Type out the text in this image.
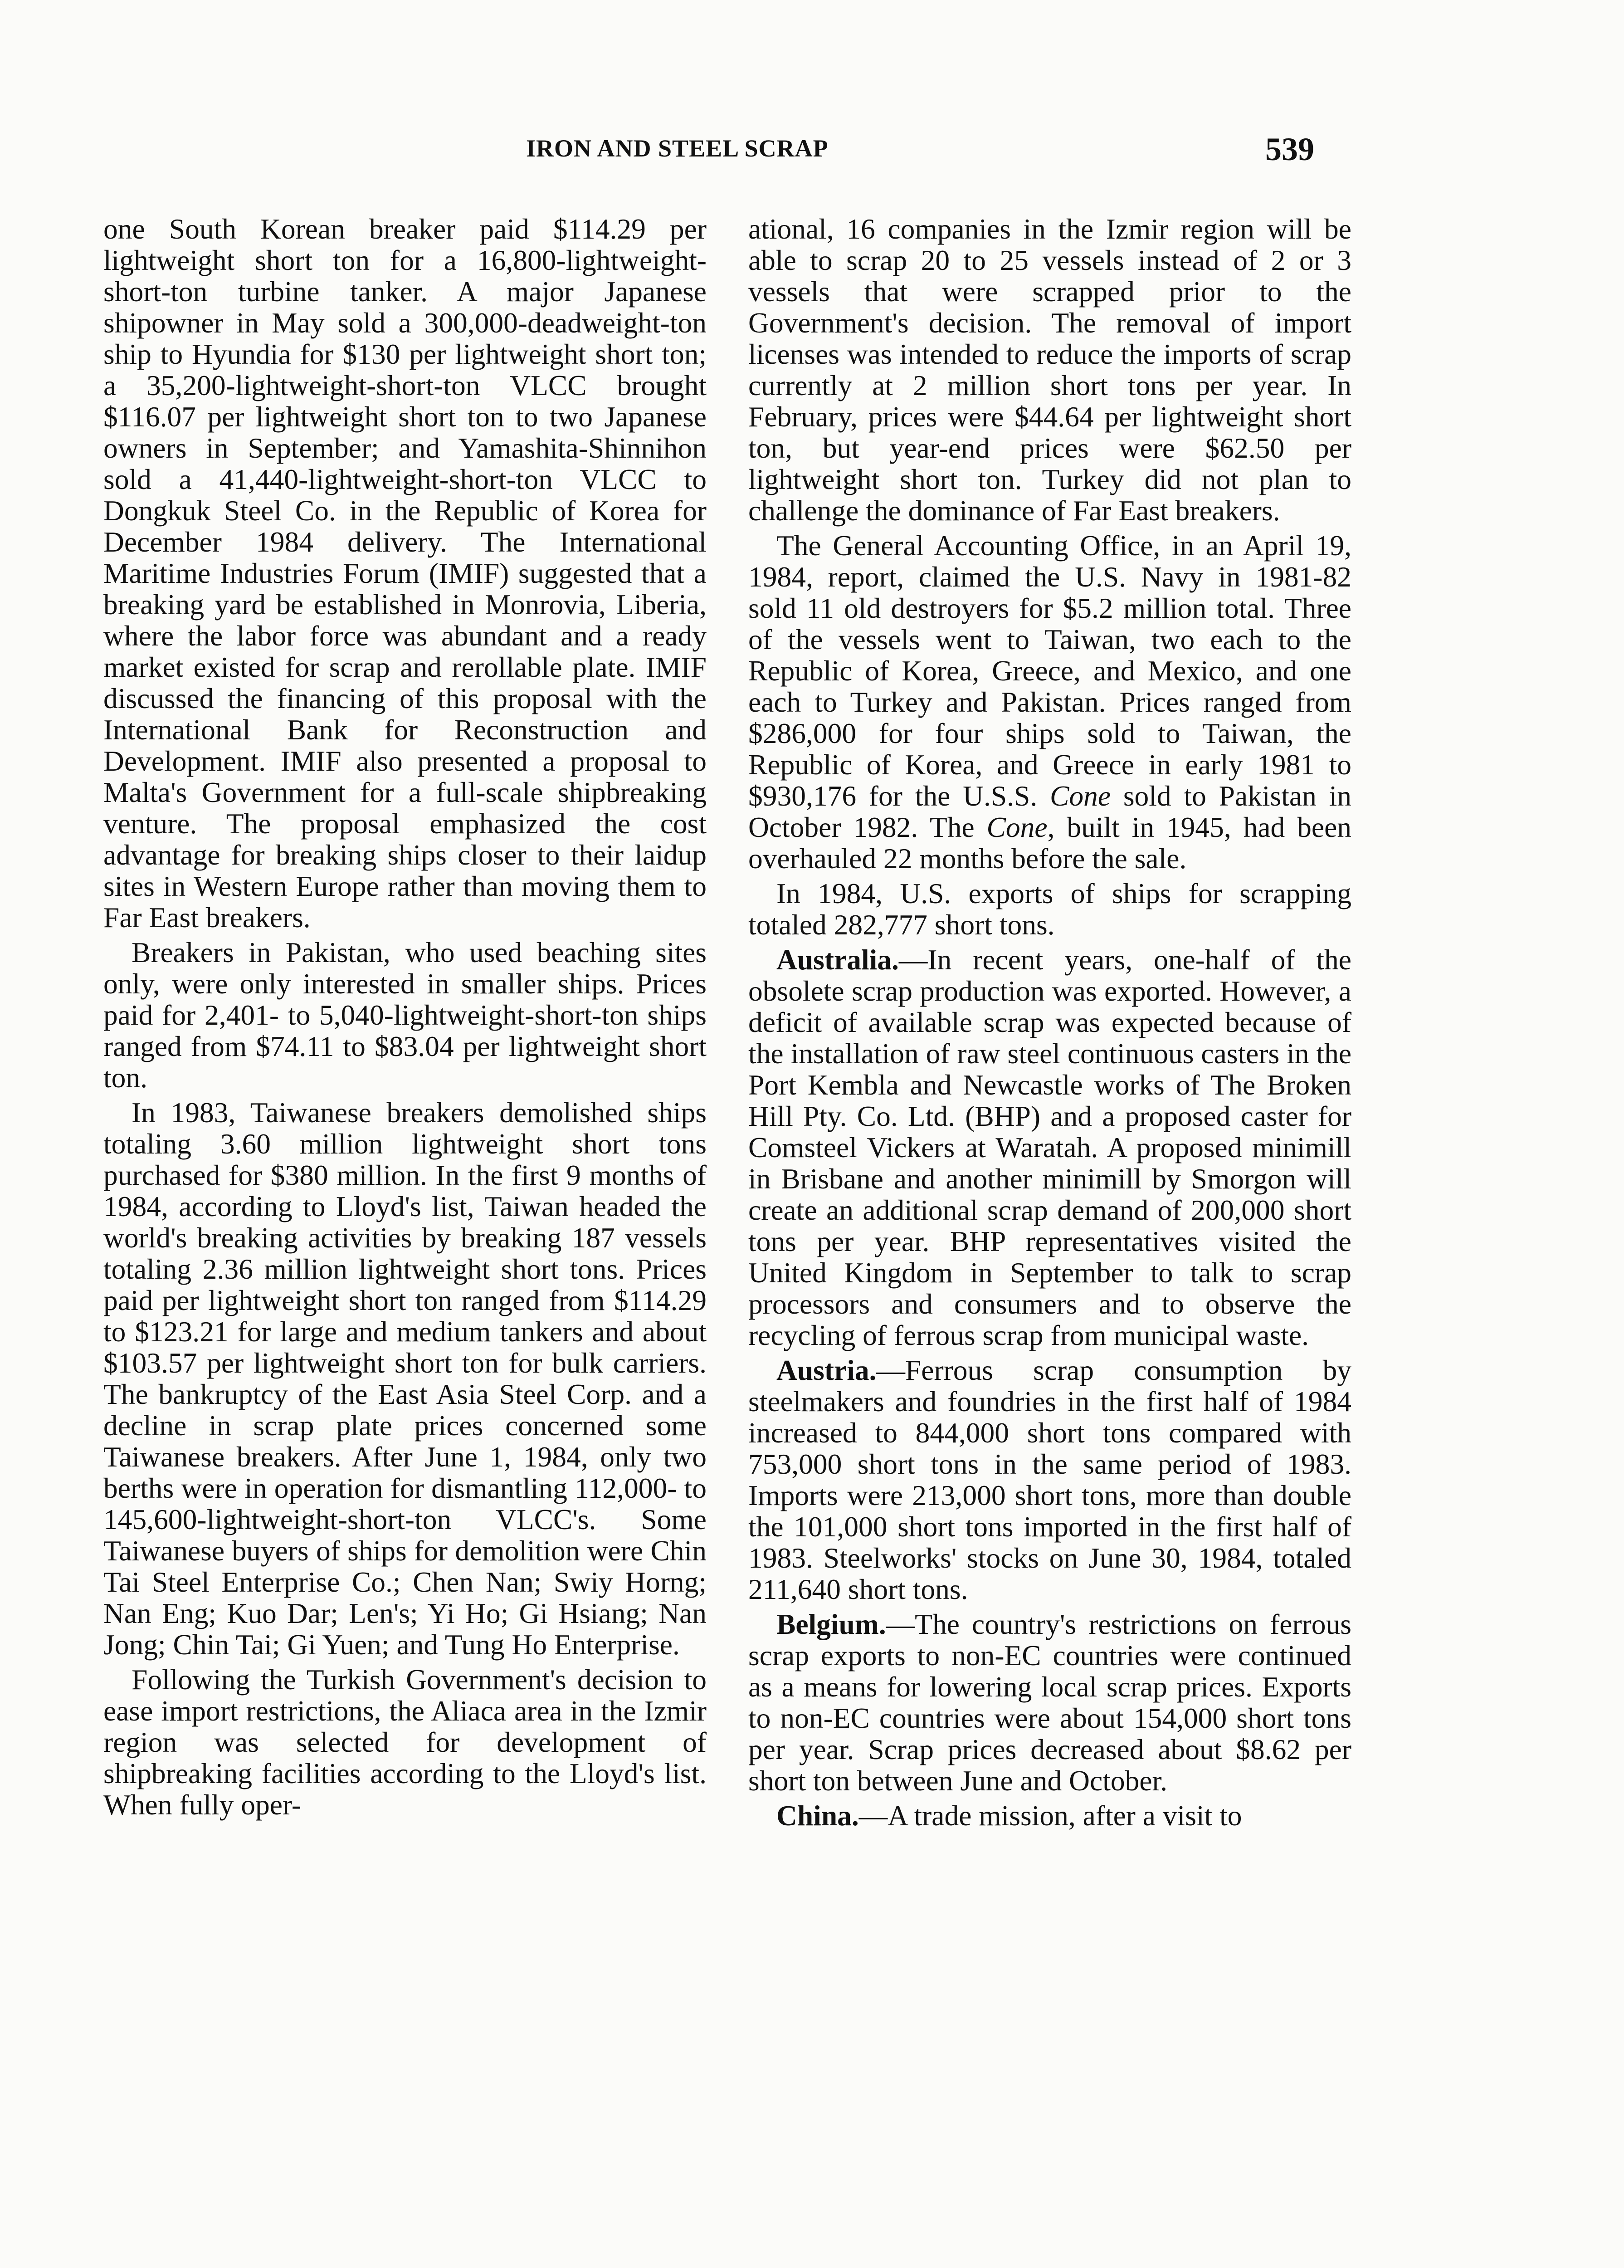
IRON AND STEEL SCRAP	539

one South Korean breaker paid $114.29 per lightweight short ton for a 16,800-lightweight-short-ton turbine tanker. A major Japanese shipowner in May sold a 300,000-deadweight-ton ship to Hyundia for $130 per lightweight short ton; a 35,200-lightweight-short-ton VLCC brought $116.07 per lightweight short ton to two Japanese owners in September; and Yamashita-Shinnihon sold a 41,440-lightweight-short-ton VLCC to Dongkuk Steel Co. in the Republic of Korea for December 1984 delivery. The International Maritime Industries Forum (IMIF) suggested that a breaking yard be established in Monrovia, Liberia, where the labor force was abundant and a ready market existed for scrap and rerollable plate. IMIF discussed the financing of this proposal with the International Bank for Reconstruction and Development. IMIF also presented a proposal to Malta's Government for a full-scale shipbreaking venture. The proposal emphasized the cost advantage for breaking ships closer to their laidup sites in Western Europe rather than moving them to Far East breakers.

Breakers in Pakistan, who used beaching sites only, were only interested in smaller ships. Prices paid for 2,401- to 5,040-lightweight-short-ton ships ranged from $74.11 to $83.04 per lightweight short ton.

In 1983, Taiwanese breakers demolished ships totaling 3.60 million lightweight short tons purchased for $380 million. In the first 9 months of 1984, according to Lloyd's list, Taiwan headed the world's breaking activities by breaking 187 vessels totaling 2.36 million lightweight short tons. Prices paid per lightweight short ton ranged from $114.29 to $123.21 for large and medium tankers and about $103.57 per lightweight short ton for bulk carriers. The bankruptcy of the East Asia Steel Corp. and a decline in scrap plate prices concerned some Taiwanese breakers. After June 1, 1984, only two berths were in operation for dismantling 112,000- to 145,600-lightweight-short-ton VLCC's. Some Taiwanese buyers of ships for demolition were Chin Tai Steel Enterprise Co.; Chen Nan; Swiy Horng; Nan Eng; Kuo Dar; Len's; Yi Ho; Gi Hsiang; Nan Jong; Chin Tai; Gi Yuen; and Tung Ho Enterprise.

Following the Turkish Government's decision to ease import restrictions, the Aliaca area in the Izmir region was selected for development of shipbreaking facilities according to the Lloyd's list. When fully oper-

ational, 16 companies in the Izmir region will be able to scrap 20 to 25 vessels instead of 2 or 3 vessels that were scrapped prior to the Government's decision. The removal of import licenses was intended to reduce the imports of scrap currently at 2 million short tons per year. In February, prices were $44.64 per lightweight short ton, but year-end prices were $62.50 per lightweight short ton. Turkey did not plan to challenge the dominance of Far East breakers.

The General Accounting Office, in an April 19, 1984, report, claimed the U.S. Navy in 1981-82 sold 11 old destroyers for $5.2 million total. Three of the vessels went to Taiwan, two each to the Republic of Korea, Greece, and Mexico, and one each to Turkey and Pakistan. Prices ranged from $286,000 for four ships sold to Taiwan, the Republic of Korea, and Greece in early 1981 to $930,176 for the U.S.S. Cone sold to Pakistan in October 1982. The Cone, built in 1945, had been overhauled 22 months before the sale.

In 1984, U.S. exports of ships for scrapping totaled 282,777 short tons.

Australia.—In recent years, one-half of the obsolete scrap production was exported. However, a deficit of available scrap was expected because of the installation of raw steel continuous casters in the Port Kembla and Newcastle works of The Broken Hill Pty. Co. Ltd. (BHP) and a proposed caster for Comsteel Vickers at Waratah. A proposed minimill in Brisbane and another minimill by Smorgon will create an additional scrap demand of 200,000 short tons per year. BHP representatives visited the United Kingdom in September to talk to scrap processors and consumers and to observe the recycling of ferrous scrap from municipal waste.

Austria.—Ferrous scrap consumption by steelmakers and foundries in the first half of 1984 increased to 844,000 short tons compared with 753,000 short tons in the same period of 1983. Imports were 213,000 short tons, more than double the 101,000 short tons imported in the first half of 1983. Steelworks' stocks on June 30, 1984, totaled 211,640 short tons.

Belgium.—The country's restrictions on ferrous scrap exports to non-EC countries were continued as a means for lowering local scrap prices. Exports to non-EC countries were about 154,000 short tons per year. Scrap prices decreased about $8.62 per short ton between June and October.

China.—A trade mission, after a visit to
